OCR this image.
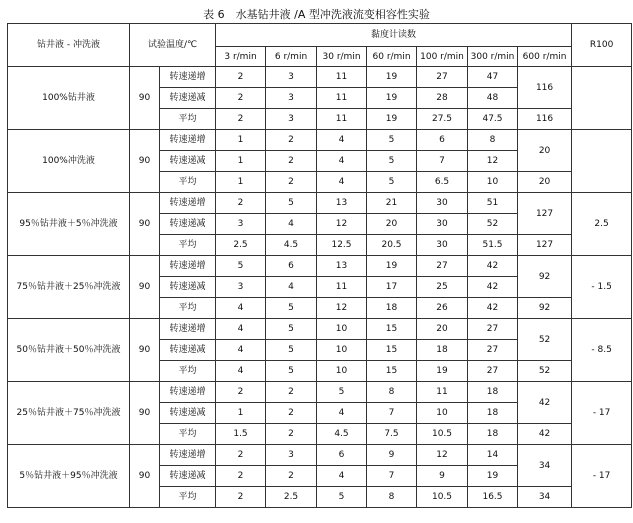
表 6　水基钻井液 /A 型冲洗液流变相容性实验
钻井液 - 冲洗液	试验温度/℃		黏度计读数							R100
			3 r/min	6 r/min	30 r/min	60 r/min	100 r/min	300 r/min	600 r/min	
100%钻井液	90	转速递增	2	3	11	19	27	47	116	
		转速递减	2	3	11	19	28	48		
		平均	2	3	11	19	27.5	47.5	116	
100%冲洗液	90	转速递增	1	2	4	5	6	8	20	
		转速递减	1	2	4	5	7	12		
		平均	1	2	4	5	6.5	10	20	
95％钻井液＋5％冲洗液	90	转速递增	2	5	13	21	30	51	127	2.5
		转速递减	3	4	12	20	30	52		
		平均	2.5	4.5	12.5	20.5	30	51.5	127	
75％钻井液＋25％冲洗液	90	转速递增	5	6	13	19	27	42	92	- 1.5
		转速递减	3	4	11	17	25	42		
		平均	4	5	12	18	26	42	92	
50％钻井液＋50％冲洗液	90	转速递增	4	5	10	15	20	27	52	- 8.5
		转速递减	4	5	10	15	18	27		
		平均	4	5	10	15	19	27	52	
25％钻井液＋75％冲洗液	90	转速递增	2	2	5	8	11	18	42	- 17
		转速递减	1	2	4	7	10	18		
		平均	1.5	2	4.5	7.5	10.5	18	42	
5％钻井液＋95％冲洗液	90	转速递增	2	3	6	9	12	14	34	- 17
		转速递减	2	2	4	7	9	19		
		平均	2	2.5	5	8	10.5	16.5	34	
